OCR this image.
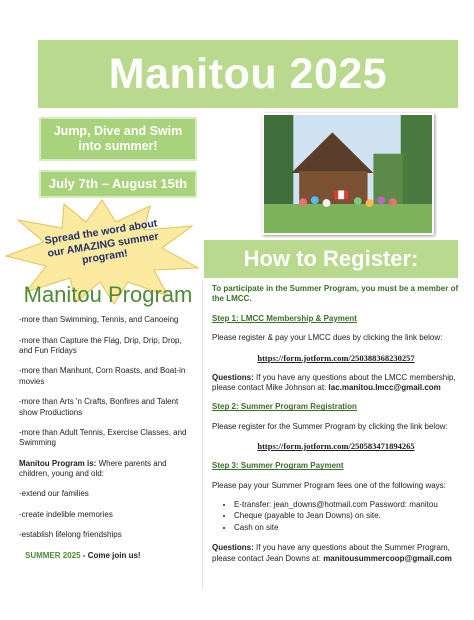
Manitou 2025
Jump, Dive and Swim into summer!
July 7th – August 15th
Spread the word about our AMAZING summer program!	How to Register:
Manitou Program

-more than Swimming, Tennis, and Canoeing

-more than Capture the Flag, Drip, Drip, Drop, and Fun Fridays

-more than Manhunt, Corn Roasts, and Boat-in movies

-more than Arts 'n Crafts, Bonfires and Talent show Productions

-more than Adult Tennis, Exercise Classes, and Swimming

Manitou Program is: Where parents and children, young and old:

-extend our families

-create indelible memories

-establish lifelong friendships

SUMMER 2025 - Come join us!

To participate in the Summer Program, you must be a member of the LMCC.

Step 1: LMCC Membership & Payment

Please register & pay your LMCC dues by clicking the link below:

https://form.jotform.com/250388368230257

Questions: If you have any questions about the LMCC membership, please contact Mike Johnson at: lac.manitou.lmcc@gmail.com

Step 2: Summer Program Registration

Please register for the Summer Program by clicking the link below:

https://form.jotform.com/250583471894265

Step 3: Summer Program Payment

Please pay your Summer Program fees one of the following ways:

• E-transfer: jean_downs@hotmail.com Password: manitou
• Cheque (payable to Jean Downs) on site.
• Cash on site

Questions: If you have any questions about the Summer Program, please contact Jean Downs at: manitousummercoop@gmail.com
